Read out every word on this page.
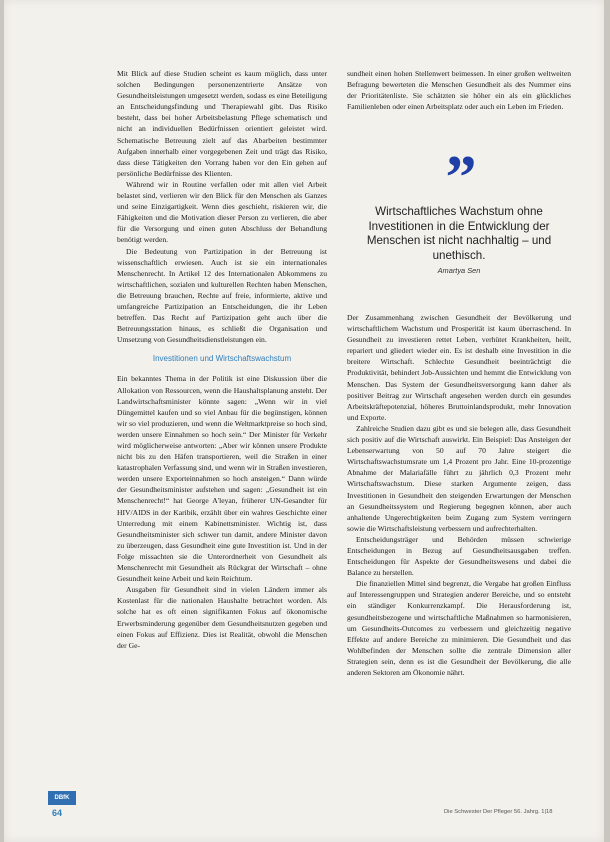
Mit Blick auf diese Studien scheint es kaum möglich, dass unter solchen Bedingungen personenzentrierte Ansätze von Gesundheitsleistungen umgesetzt werden, sodass es eine Beteiligung an Entscheidungsfindung und Therapiewahl gibt. Das Risiko besteht, dass bei hoher Arbeitsbelastung Pflege schematisch und nicht an individuellen Bedürfnissen orientiert geleistet wird. Schematische Betreuung zielt auf das Abarbeiten bestimmter Aufgaben innerhalb einer vorgegebenen Zeit und trägt das Risiko, dass diese Tätigkeiten den Vorrang haben vor den Ein gehen auf persönliche Bedürfnisse des Klienten.

Während wir in Routine verfallen oder mit allen viel Arbeit belastet sind, verlieren wir den Blick für den Menschen als Ganzes und seine Einzigartigkeit. Wenn dies geschieht, riskieren wir, die Fähigkeiten und die Motivation dieser Person zu verlieren, die aber für die Versorgung und einen guten Abschluss der Behandlung benötigt werden.

Die Bedeutung von Partizipation in der Betreuung ist wissenschaftlich erwiesen. Auch ist sie ein internationales Menschenrecht. In Artikel 12 des Internationalen Abkommens zu wirtschaftlichen, sozialen und kulturellen Rechten haben Menschen, die Betreuung brauchen, Rechte auf freie, informierte, aktive und umfangreiche Partizipation an Entscheidungen, die ihr Leben betreffen. Das Recht auf Partizipation geht auch über die Betreuungsstation hinaus, es schließt die Organisation und Umsetzung von Gesundheitsdienstleistungen ein.

Investitionen und Wirtschaftswachstum

Ein bekanntes Thema in der Politik ist eine Diskussion über die Allokation von Ressourcen, wenn die Haushaltsplanung ansteht. Der Landwirtschaftsminister könnte sagen: „Wenn wir in viel Düngemittel kaufen und so viel Anbau für die begünstigen, können wir so viel produzieren, und wenn die Weltmarktpreise so hoch sind, werden unsere Einnahmen so hoch sein.“ Der Minister für Verkehr wird möglicherweise antworten: „Aber wir können unsere Produkte nicht bis zu den Häfen transportieren, weil die Straßen in einer katastrophalen Verfassung sind, und wenn wir in Straßen investieren, werden unsere Exporteinnahmen so hoch ansteigen.“ Dann würde der Gesundheitsminister aufstehen und sagen: „Gesundheit ist ein Menschenrecht!“ hat George A'leyan, früherer UN-Gesandter für HIV/AIDS in der Karibik, erzählt über ein wahres Geschichte einer Unterredung mit einem Kabinettsminister. Wichtig ist, dass Gesundheitsminister sich schwer tun damit, andere Minister davon zu überzeugen, dass Gesundheit eine gute Investition ist. Und in der Folge missachten sie die Unterordnerheit von Gesundheit als Menschenrecht mit Gesundheit als Rückgrat der Wirtschaft – ohne Gesundheit keine Arbeit und kein Reichtum.

Ausgaben für Gesundheit sind in vielen Ländern immer als Kostenlast für die nationalen Haushalte betrachtet worden. Als solche hat es oft einen signifikanten Fokus auf ökonomische Erwerbsminderung gegenüber dem Gesundheitsnutzen gegeben und einen Fokus auf Effizienz. Dies ist Realität, obwohl die Menschen der Ge-

sundheit einen hohen Stellenwert beimessen. In einer großen weltweiten Befragung bewerteten die Menschen Gesundheit als des Nummer eins der Prioritätenliste. Sie schätzten sie höher ein als ein glückliches Familienleben oder einen Arbeitsplatz oder auch ein Leben im Frieden.

”
Wirtschaftliches Wachstum ohne Investitionen in die Entwicklung der Menschen ist nicht nachhaltig – und unethisch.
Amartya Sen

Der Zusammenhang zwischen Gesundheit der Bevölkerung und wirtschaftlichem Wachstum und Prosperität ist kaum überraschend. In Gesundheit zu investieren rettet Leben, verhütet Krankheiten, heilt, repariert und gliedert wieder ein. Es ist deshalb eine Investition in die breitere Wirtschaft. Schlechte Gesundheit beeinträchtigt die Produktivität, behindert Job-Aussichten und hemmt die Entwicklung von Menschen. Das System der Gesundheitsversorgung kann daher als positiver Beitrag zur Wirtschaft angesehen werden durch ein gesundes Arbeitskräftepotenzial, höheres Bruttoinlandsprodukt, mehr Innovation und Exporte.

Zahlreiche Studien dazu gibt es und sie belegen alle, dass Gesundheit sich positiv auf die Wirtschaft auswirkt. Ein Beispiel: Das Ansteigen der Lebenserwartung von 50 auf 70 Jahre steigert die Wirtschaftswachstumsrate um 1,4 Prozent pro Jahr. Eine 10-prozentige Abnahme der Malariafälle führt zu jährlich 0,3 Prozent mehr Wirtschaftswachstum. Diese starken Argumente zeigen, dass Investitionen in Gesundheit den steigenden Erwartungen der Menschen an Gesundheitssystem und Regierung begegnen können, aber auch anhaltende Ungerechtigkeiten beim Zugang zum System verringern sowie die Wirtschaftsleistung verbessern und aufrechterhalten.

Entscheidungsträger und Behörden müssen schwierige Entscheidungen in Bezug auf Gesundheitsausgaben treffen. Entscheidungen für Aspekte der Gesundheitswesens und dabei die Balance zu herstellen.

Die finanziellen Mittel sind begrenzt, die Vergabe hat großen Einfluss auf Interessengruppen und Strategien anderer Bereiche, und so entsteht ein ständiger Konkurrenzkampf. Die Herausforderung ist, gesundheitsbezogene und wirtschaftliche Maßnahmen so harmonisieren, um Gesundheits-Outcomes zu verbessern und gleichzeitig negative Effekte auf andere Bereiche zu minimieren. Die Gesundheit und das Wohlbefinden der Menschen sollte die zentrale Dimension aller Strategien sein, denn es ist die Gesundheit der Bevölkerung, die alle anderen Sektoren am Ökonomie nährt.

DBfK
64	Die Schwester Der Pfleger 56. Jahrg. 1|18
